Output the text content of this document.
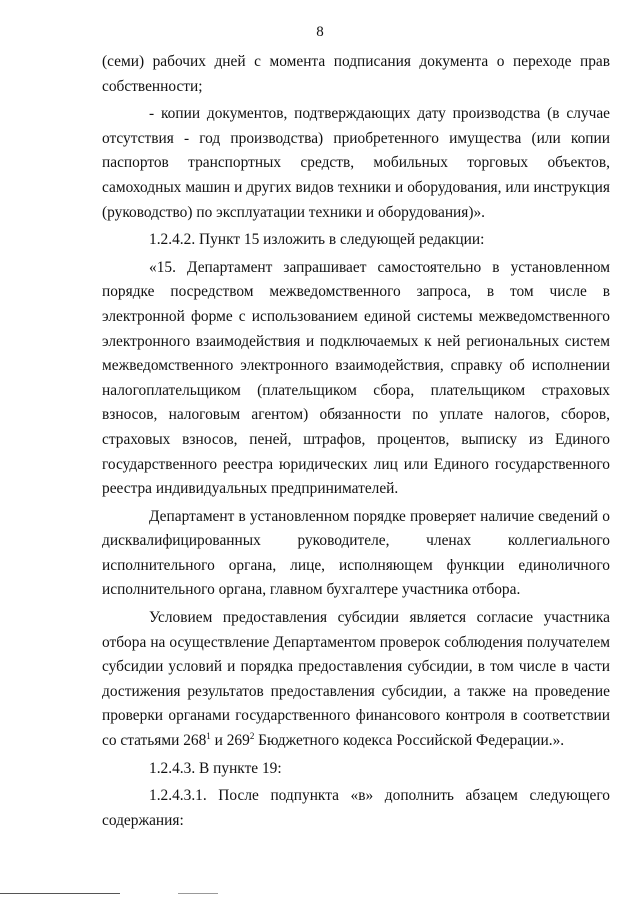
8

(семи) рабочих дней с момента подписания документа о переходе прав собственности;

- копии документов, подтверждающих дату производства (в случае отсутствия - год производства) приобретенного имущества (или копии паспортов транспортных средств, мобильных торговых объектов, самоходных машин и других видов техники и оборудования, или инструкция (руководство) по эксплуатации техники и оборудования)».

1.2.4.2. Пункт 15 изложить в следующей редакции:

«15. Департамент запрашивает самостоятельно в установленном порядке посредством межведомственного запроса, в том числе в электронной форме с использованием единой системы межведомственного электронного взаимодействия и подключаемых к ней региональных систем межведомственного электронного взаимодействия, справку об исполнении налогоплательщиком (плательщиком сбора, плательщиком страховых взносов, налоговым агентом) обязанности по уплате налогов, сборов, страховых взносов, пеней, штрафов, процентов, выписку из Единого государственного реестра юридических лиц или Единого государственного реестра индивидуальных предпринимателей.

Департамент в установленном порядке проверяет наличие сведений о дисквалифицированных руководителе, членах коллегиального исполнительного органа, лице, исполняющем функции единоличного исполнительного органа, главном бухгалтере участника отбора.

Условием предоставления субсидии является согласие участника отбора на осуществление Департаментом проверок соблюдения получателем субсидии условий и порядка предоставления субсидии, в том числе в части достижения результатов предоставления субсидии, а также на проведение проверки органами государственного финансового контроля в соответствии со статьями $268^1$ и $269^2$ Бюджетного кодекса Российской Федерации.».

1.2.4.3. В пункте 19:

1.2.4.3.1. После подпункта «в» дополнить абзацем следующего содержания:
